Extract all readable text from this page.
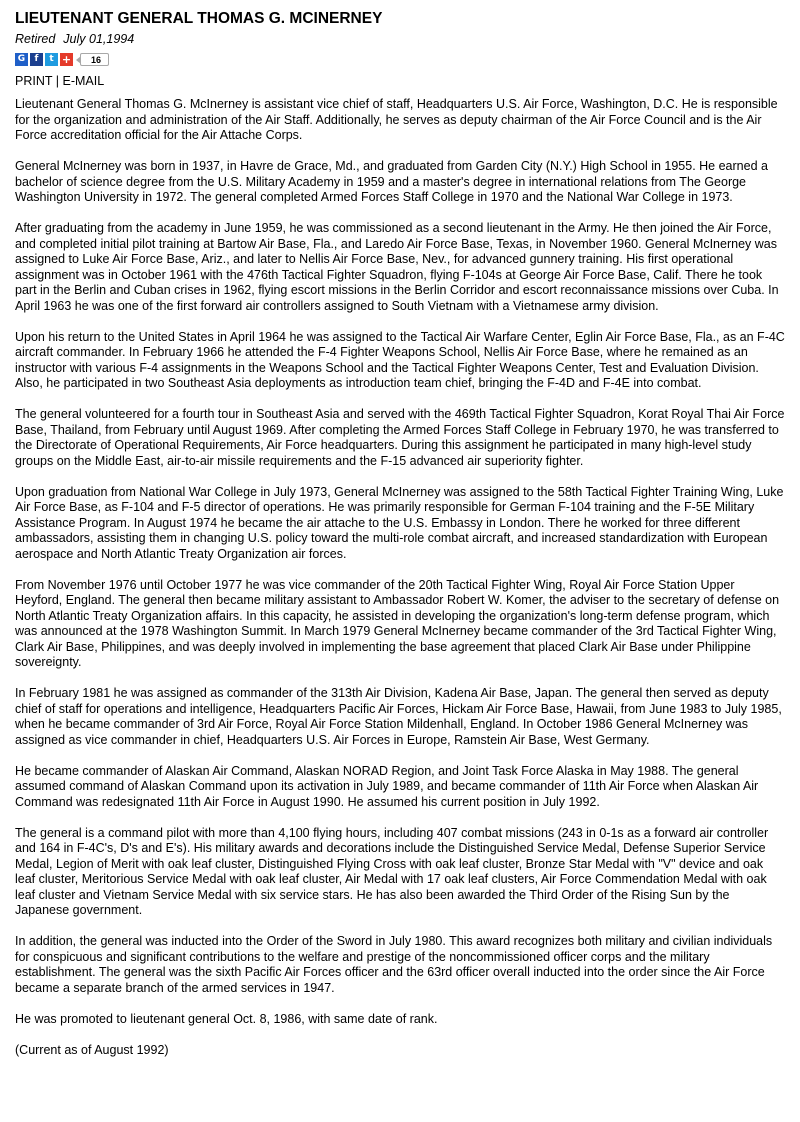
LIEUTENANT GENERAL THOMAS G. MCINERNEY
Retired July 01,1994
G	f	t +	16
PRINT | E-MAIL

Lieutenant General Thomas G. McInerney is assistant vice chief of staff, Headquarters U.S. Air Force, Washington, D.C. He is responsible for the organization and administration of the Air Staff. Additionally, he serves as deputy chairman of the Air Force Council and is the Air Force accreditation official for the Air Attache Corps.

General McInerney was born in 1937, in Havre de Grace, Md., and graduated from Garden City (N.Y.) High School in 1955. He earned a bachelor of science degree from the U.S. Military Academy in 1959 and a master's degree in international relations from The George Washington University in 1972. The general completed Armed Forces Staff College in 1970 and the National War College in 1973.

After graduating from the academy in June 1959, he was commissioned as a second lieutenant in the Army. He then joined the Air Force, and completed initial pilot training at Bartow Air Base, Fla., and Laredo Air Force Base, Texas, in November 1960. General McInerney was assigned to Luke Air Force Base, Ariz., and later to Nellis Air Force Base, Nev., for advanced gunnery training. His first operational assignment was in October 1961 with the 476th Tactical Fighter Squadron, flying F-104s at George Air Force Base, Calif. There he took part in the Berlin and Cuban crises in 1962, flying escort missions in the Berlin Corridor and escort reconnaissance missions over Cuba. In April 1963 he was one of the first forward air controllers assigned to South Vietnam with a Vietnamese army division.

Upon his return to the United States in April 1964 he was assigned to the Tactical Air Warfare Center, Eglin Air Force Base, Fla., as an F-4C aircraft commander. In February 1966 he attended the F-4 Fighter Weapons School, Nellis Air Force Base, where he remained as an instructor with various F-4 assignments in the Weapons School and the Tactical Fighter Weapons Center, Test and Evaluation Division. Also, he participated in two Southeast Asia deployments as introduction team chief, bringing the F-4D and F-4E into combat.

The general volunteered for a fourth tour in Southeast Asia and served with the 469th Tactical Fighter Squadron, Korat Royal Thai Air Force Base, Thailand, from February until August 1969. After completing the Armed Forces Staff College in February 1970, he was transferred to the Directorate of Operational Requirements, Air Force headquarters. During this assignment he participated in many high-level study groups on the Middle East, air-to-air missile requirements and the F-15 advanced air superiority fighter.

Upon graduation from National War College in July 1973, General McInerney was assigned to the 58th Tactical Fighter Training Wing, Luke Air Force Base, as F-104 and F-5 director of operations. He was primarily responsible for German F-104 training and the F-5E Military Assistance Program. In August 1974 he became the air attache to the U.S. Embassy in London. There he worked for three different ambassadors, assisting them in changing U.S. policy toward the multi-role combat aircraft, and increased standardization with European aerospace and North Atlantic Treaty Organization air forces.

From November 1976 until October 1977 he was vice commander of the 20th Tactical Fighter Wing, Royal Air Force Station Upper Heyford, England. The general then became military assistant to Ambassador Robert W. Komer, the adviser to the secretary of defense on North Atlantic Treaty Organization affairs. In this capacity, he assisted in developing the organization's long-term defense program, which was announced at the 1978 Washington Summit. In March 1979 General McInerney became commander of the 3rd Tactical Fighter Wing, Clark Air Base, Philippines, and was deeply involved in implementing the base agreement that placed Clark Air Base under Philippine sovereignty.

In February 1981 he was assigned as commander of the 313th Air Division, Kadena Air Base, Japan. The general then served as deputy chief of staff for operations and intelligence, Headquarters Pacific Air Forces, Hickam Air Force Base, Hawaii, from June 1983 to July 1985, when he became commander of 3rd Air Force, Royal Air Force Station Mildenhall, England. In October 1986 General McInerney was assigned as vice commander in chief, Headquarters U.S. Air Forces in Europe, Ramstein Air Base, West Germany.

He became commander of Alaskan Air Command, Alaskan NORAD Region, and Joint Task Force Alaska in May 1988. The general assumed command of Alaskan Command upon its activation in July 1989, and became commander of 11th Air Force when Alaskan Air Command was redesignated 11th Air Force in August 1990. He assumed his current position in July 1992.

The general is a command pilot with more than 4,100 flying hours, including 407 combat missions (243 in 0-1s as a forward air controller and 164 in F-4C's, D's and E's). His military awards and decorations include the Distinguished Service Medal, Defense Superior Service Medal, Legion of Merit with oak leaf cluster, Distinguished Flying Cross with oak leaf cluster, Bronze Star Medal with "V" device and oak leaf cluster, Meritorious Service Medal with oak leaf cluster, Air Medal with 17 oak leaf clusters, Air Force Commendation Medal with oak leaf cluster and Vietnam Service Medal with six service stars. He has also been awarded the Third Order of the Rising Sun by the Japanese government.

In addition, the general was inducted into the Order of the Sword in July 1980. This award recognizes both military and civilian individuals for conspicuous and significant contributions to the welfare and prestige of the noncommissioned officer corps and the military establishment. The general was the sixth Pacific Air Forces officer and the 63rd officer overall inducted into the order since the Air Force became a separate branch of the armed services in 1947.

He was promoted to lieutenant general Oct. 8, 1986, with same date of rank.

(Current as of August 1992)
